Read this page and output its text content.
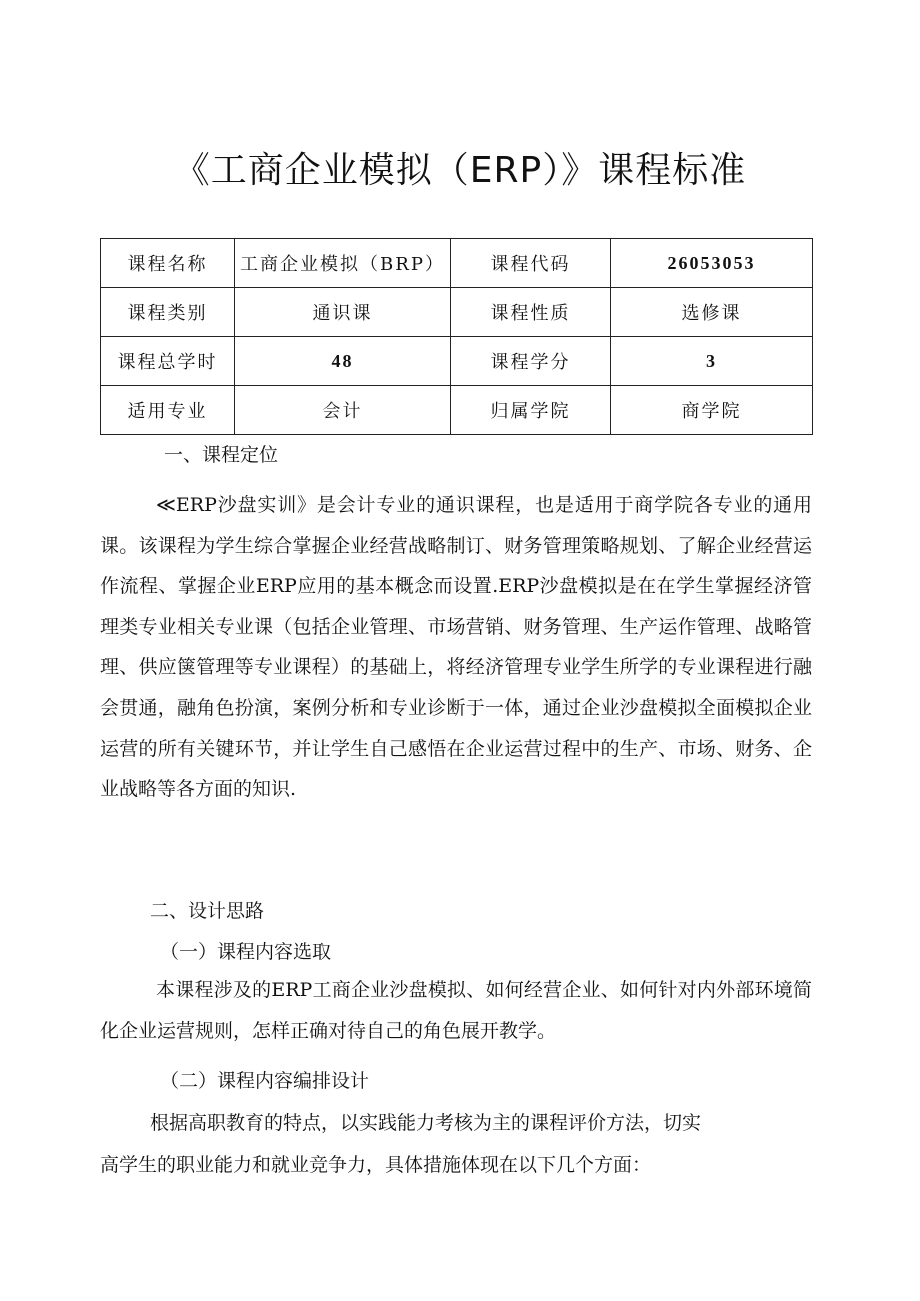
《工商企业模拟（ERP）》课程标准
课程名称	工商企业模拟（BRP）	课程代码	26053053
课程类别	通识课	课程性质	选修课
课程总学时	48	课程学分	3
适用专业	会计	归属学院	商学院
一、课程定位

≪ERP沙盘实训》是会计专业的通识课程，也是适用于商学院各专业的通用课。该课程为学生综合掌握企业经营战略制订、财务管理策略规划、了解企业经营运作流程、掌握企业ERP应用的基本概念而设置.ERP沙盘模拟是在在学生掌握经济管理类专业相关专业课（包括企业管理、市场营销、财务管理、生产运作管理、战略管理、供应箧管理等专业课程）的基础上，将经济管理专业学生所学的专业课程进行融会贯通，融角色扮演，案例分析和专业诊断于一体，通过企业沙盘模拟全面模拟企业运营的所有关键环节，并让学生自己感悟在企业运营过程中的生产、市场、财务、企业战略等各方面的知识.

二、设计思路
（一）课程内容选取

本课程涉及的ERP工商企业沙盘模拟、如何经营企业、如何针对内外部环境简化企业运营规则，怎样正确对待自己的角色展开教学。

（二）课程内容编排设计
根据高职教育的特点，以实践能力考核为主的课程评价方法，切实
高学生的职业能力和就业竞争力，具体措施体现在以下几个方面：
